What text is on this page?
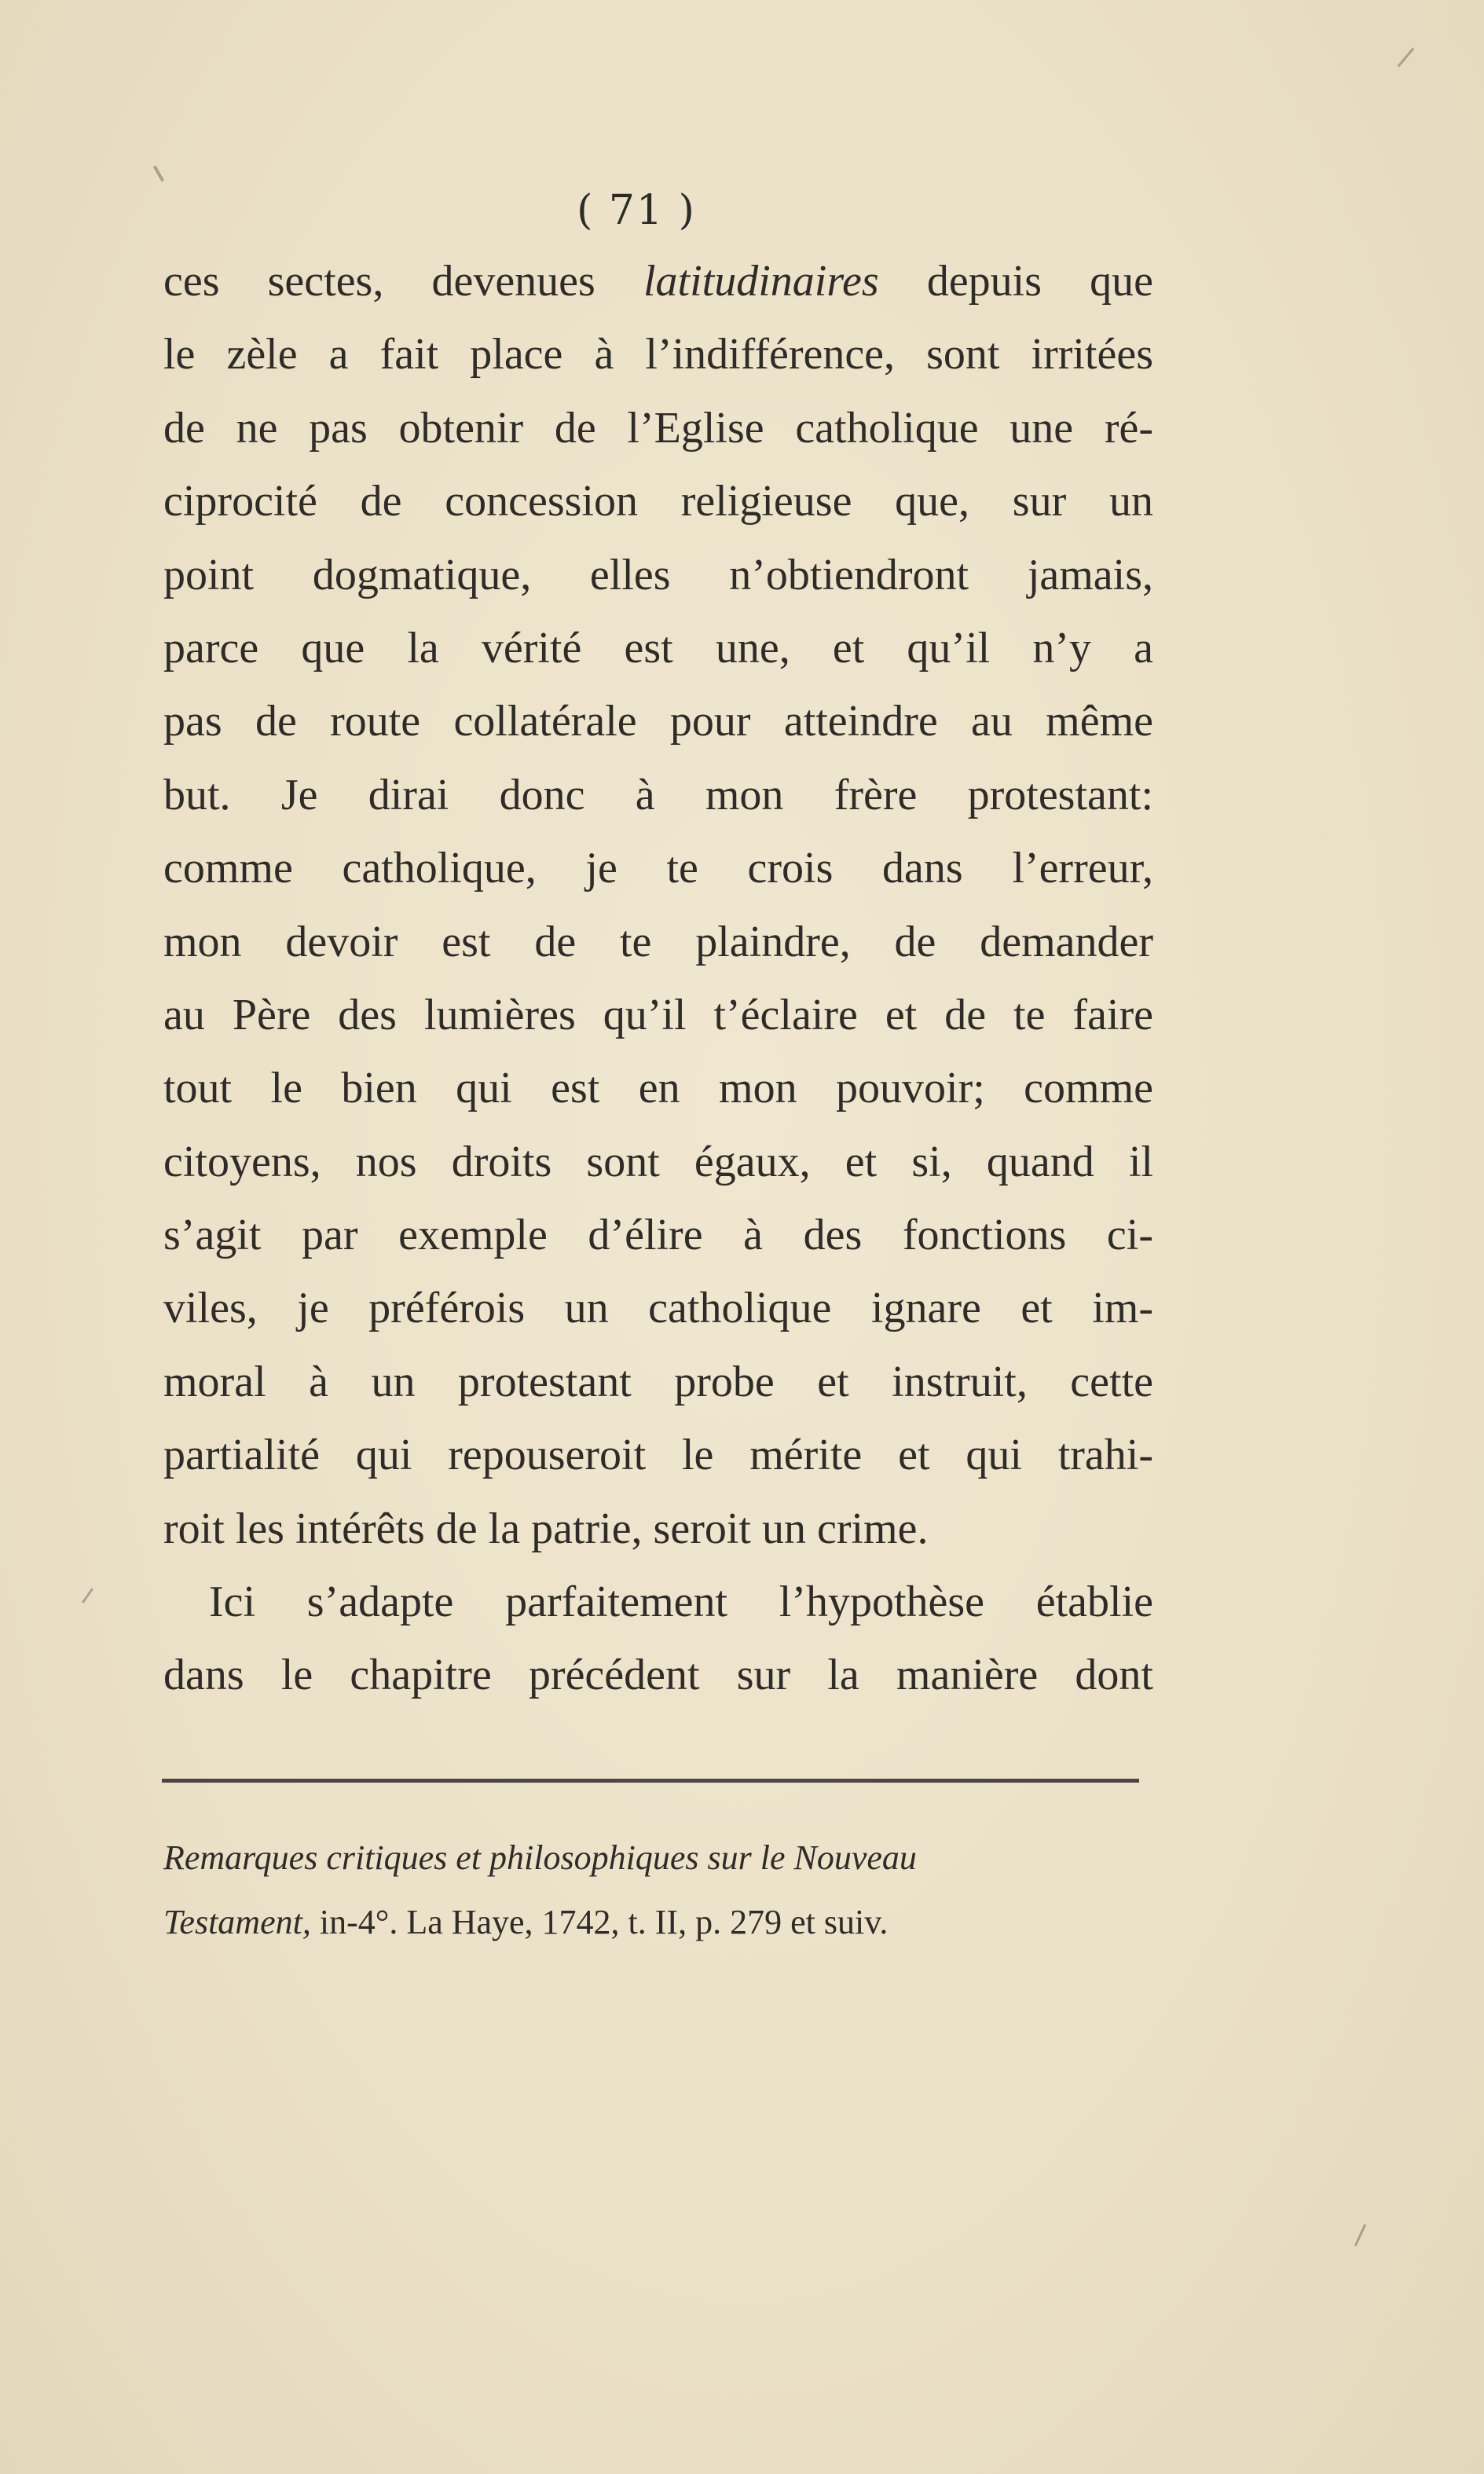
( 71 )
ces sectes, devenues latitudinaires depuis que
le zèle a fait place à l’indifférence, sont irritées
de ne pas obtenir de l’Eglise catholique une ré-
ciprocité de concession religieuse que, sur un
point dogmatique, elles n’obtiendront jamais,
parce que la vérité est une, et qu’il n’y a
pas de route collatérale pour atteindre au même
but. Je dirai donc à mon frère protestant:
comme catholique, je te crois dans l’erreur,
mon devoir est de te plaindre, de demander
au Père des lumières qu’il t’éclaire et de te faire
tout le bien qui est en mon pouvoir; comme
citoyens, nos droits sont égaux, et si, quand il
s’agit par exemple d’élire à des fonctions ci-
viles, je préférois un catholique ignare et im-
moral à un protestant probe et instruit, cette
partialité qui repouseroit le mérite et qui trahi-
roit les intérêts de la patrie, seroit un crime.
Ici s’adapte parfaitement l’hypothèse établie
dans le chapitre précédent sur la manière dont
Remarques critiques et philosophiques sur le Nouveau
Testament, in-4°. La Haye, 1742, t. II, p. 279 et suiv.
